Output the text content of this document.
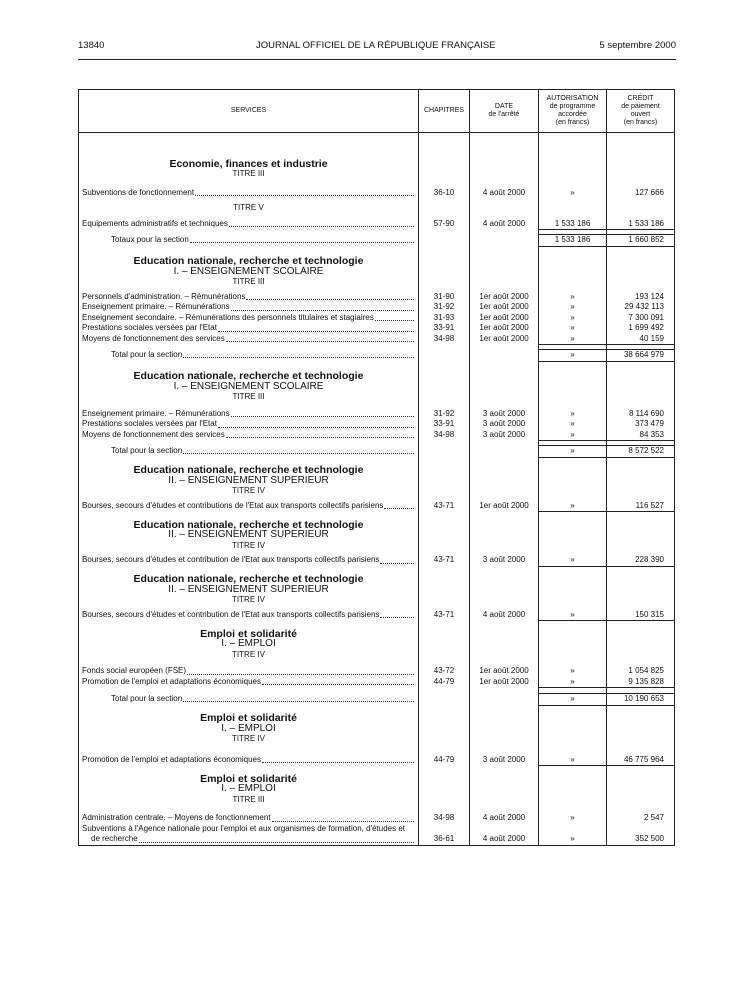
13840	JOURNAL OFFICIEL DE LA RÉPUBLIQUE FRANÇAISE	5 septembre 2000
SERVICES	CHAPITRES	DATE
de l'arrêté	AUTORISATION
de programme
accordée
(en francs)	CRÉDIT
de paiement
ouvert
(en francs)

Economie, finances et industrie				
TITRE III				

Subventions de fonctionnement	36-10	4 août 2000	»	127 666

TITRE V				

Equipements administratifs et techniques	57-90	4 août 2000	1 533 186	1 533 186

Totaux pour la section			1 533 186	1 660 852

Education nationale, recherche et technologie				
I. – ENSEIGNEMENT SCOLAIRE				
TITRE III				

Personnels d'administration. – Rémunérations	31-90	1er août 2000	»	193 124

Enseignement primaire. – Rémunérations	31-92	1er août 2000	»	29 432 113

Enseignement secondaire. – Rémunérations des personnels titulaires et stagiaires	31-93	1er août 2000	»	7 300 091

Prestations sociales versées par l'Etat	33-91	1er août 2000	»	1 699 492

Moyens de fonctionnement des services	34-98	1er août 2000	»	40 159

Total pour la section			»	38 664 979

Education nationale, recherche et technologie				
I. – ENSEIGNEMENT SCOLAIRE				
TITRE III				

Enseignement primaire. – Rémunérations	31-92	3 août 2000	»	8 114 690

Prestations sociales versées par l'Etat	33-91	3 août 2000	»	373 479

Moyens de fonctionnement des services	34-98	3 août 2000	»	84 353

Total pour la section			»	8 572 522

Education nationale, recherche et technologie				
II. – ENSEIGNEMENT SUPÉRIEUR				
TITRE IV				

Bourses, secours d'études et contributions de l'Etat aux transports collectifs parisiens	43-71	1er août 2000	»	116 527

Education nationale, recherche et technologie				
II. – ENSEIGNEMENT SUPÉRIEUR				
TITRE IV				

Bourses, secours d'études et contribution de l'Etat aux transports collectifs parisiens	43-71	3 août 2000	»	228 390

Education nationale, recherche et technologie				
II. – ENSEIGNEMENT SUPÉRIEUR				
TITRE IV				

Bourses, secours d'études et contribution de l'Etat aux transports collectifs parisiens	43-71	4 août 2000	»	150 315

Emploi et solidarité				
I. – EMPLOI				
TITRE IV				

Fonds social européen (FSE)	43-72	1er août 2000	»	1 054 825

Promotion de l'emploi et adaptations économiques	44-79	1er août 2000	»	9 135 828

Total pour la section			»	10 190 653

Emploi et solidarité				
I. – EMPLOI				
TITRE IV				

Promotion de l'emploi et adaptations économiques	44-79	3 août 2000	»	46 775 964

Emploi et solidarité				
I. – EMPLOI				
TITRE III				

Administration centrale. – Moyens de fonctionnement	34-98	4 août 2000	»	2 547
Subventions à l'Agence nationale pour l'emploi et aux organismes de formation, d'études et				

de recherche	36-61	4 août 2000	»	352 500
